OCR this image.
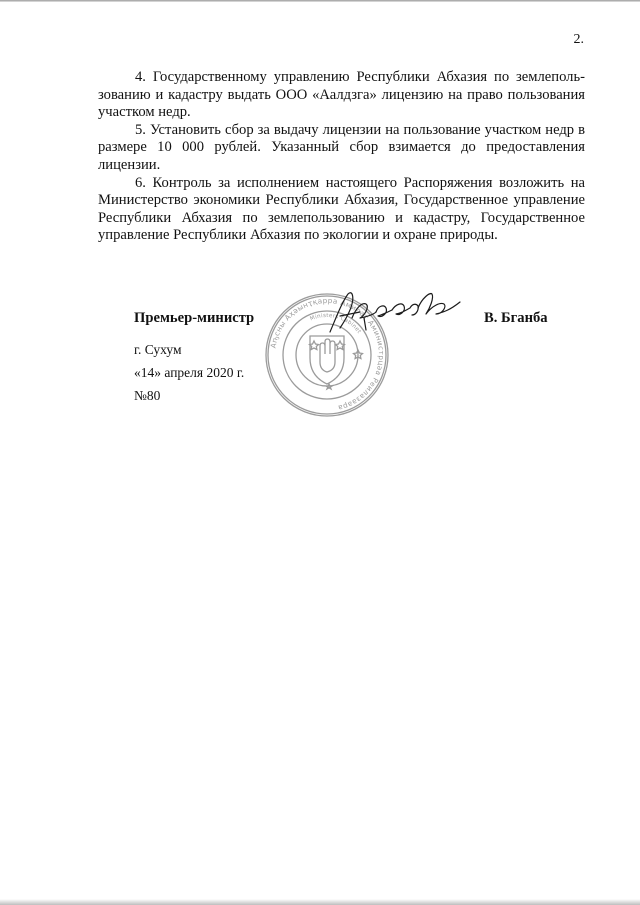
2.

4. Государственному управлению Республики Абхазия по землепользованию и кадастру выдать ООО «Аалдзга» лицензию на право пользования участком недр.

5. Установить сбор за выдачу лицензии на пользование участком недр в размере 10 000 рублей. Указанный сбор взимается до предоставления лицензии.

6. Контроль за исполнением настоящего Распоряжения возложить на Министерство экономики Республики Абхазия, Государственное управление Республики Абхазия по землепользованию и кадастру, Государственное управление Республики Абхазия по экологии и охране природы.

Премьер-министр	В. Бганба
Аҧсны Аҳәынҭқарра Амилаҭ Аминистрцәа Реилазаара
Ministers Cabinet
г. Сухум
«14» апреля 2020 г.
№80
